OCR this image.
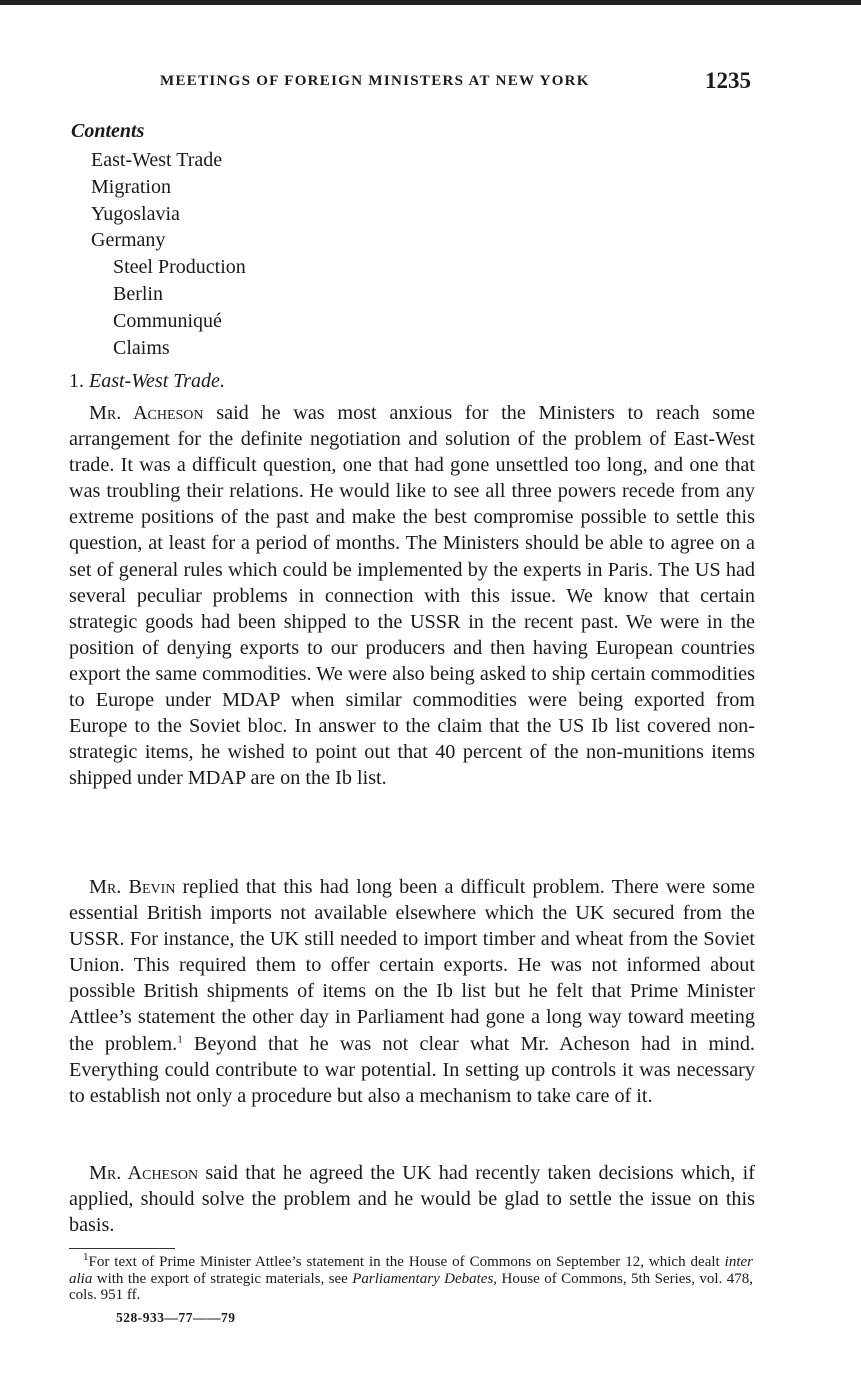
MEETINGS OF FOREIGN MINISTERS AT NEW YORK	1235
Contents
East-West Trade
Migration
Yugoslavia
Germany
Steel Production
Berlin
Communiqué
Claims
1. East-West Trade.
Mr. Acheson said he was most anxious for the Ministers to reach some arrangement for the definite negotiation and solution of the problem of East-West trade. It was a difficult question, one that had gone unsettled too long, and one that was troubling their relations. He would like to see all three powers recede from any extreme positions of the past and make the best compromise possible to settle this question, at least for a period of months. The Ministers should be able to agree on a set of general rules which could be implemented by the experts in Paris. The US had several peculiar problems in connection with this issue. We know that certain strategic goods had been shipped to the USSR in the recent past. We were in the position of denying exports to our producers and then having European countries export the same commodities. We were also being asked to ship certain commodities to Europe under MDAP when similar commodities were being exported from Europe to the Soviet bloc. In answer to the claim that the US Ib list covered non-strategic items, he wished to point out that 40 percent of the non-munitions items shipped under MDAP are on the Ib list.
Mr. Bevin replied that this had long been a difficult problem. There were some essential British imports not available elsewhere which the UK secured from the USSR. For instance, the UK still needed to import timber and wheat from the Soviet Union. This required them to offer certain exports. He was not informed about possible British shipments of items on the Ib list but he felt that Prime Minister Attlee’s statement the other day in Parliament had gone a long way toward meeting the problem.$^1$ Beyond that he was not clear what Mr. Acheson had in mind. Everything could contribute to war potential. In setting up controls it was necessary to establish not only a procedure but also a mechanism to take care of it.
Mr. Acheson said that he agreed the UK had recently taken decisions which, if applied, should solve the problem and he would be glad to settle the issue on this basis.
$^1$For text of Prime Minister Attlee’s statement in the House of Commons on September 12, which dealt inter alia with the export of strategic materials, see Parliamentary Debates, House of Commons, 5th Series, vol. 478, cols. 951 ff.
528-933—77——79
